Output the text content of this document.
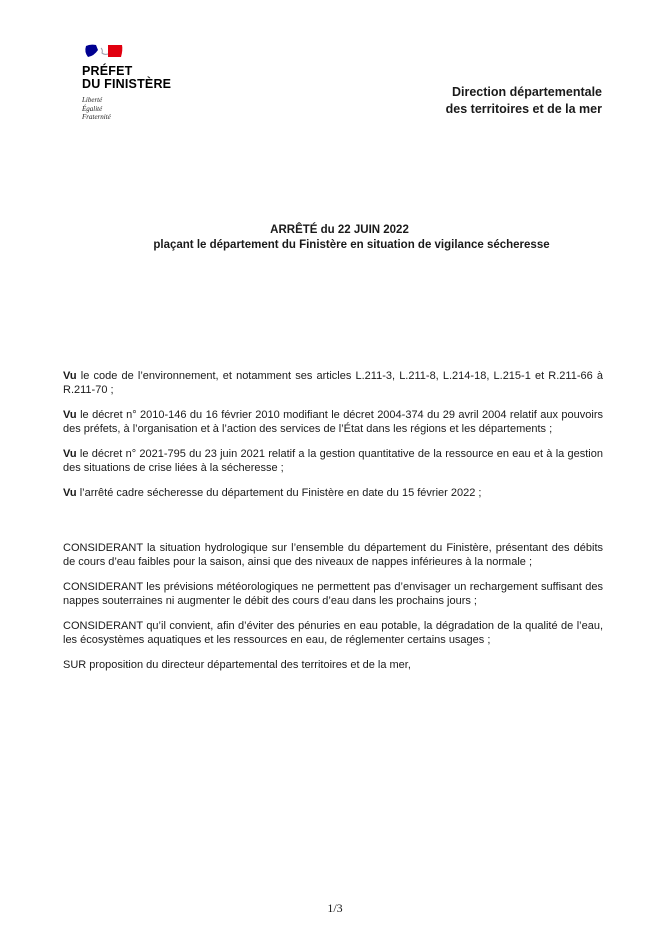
PRÉFET
DU FINISTÈRE
Liberté
Égalité
Fraternité
Direction départementale
des territoires et de la mer
ARRÊTÉ du 22 JUIN 2022
plaçant le département du Finistère en situation de vigilance sécheresse

Vu le code de l’environnement, et notamment ses articles L.211-3, L.211-8, L.214-18, L.215-1 et R.211-66 à R.211-70 ;

Vu le décret n° 2010-146 du 16 février 2010 modifiant le décret 2004-374 du 29 avril 2004 relatif aux pouvoirs des préfets, à l’organisation et à l’action des services de l’État dans les régions et les départements ;

Vu le décret n° 2021-795 du 23 juin 2021 relatif a la gestion quantitative de la ressource en eau et à la gestion des situations de crise liées à la sécheresse ;

Vu l’arrêté cadre sécheresse du département du Finistère en date du 15 février 2022 ;

CONSIDERANT la situation hydrologique sur l’ensemble du département du Finistère, présentant des débits de cours d’eau faibles pour la saison, ainsi que des niveaux de nappes inférieures à la normale ;

CONSIDERANT les prévisions météorologiques ne permettent pas d’envisager un rechargement suffisant des nappes souterraines ni augmenter le débit des cours d’eau dans les prochains jours ;

CONSIDERANT qu’il convient, afin d’éviter des pénuries en eau potable, la dégradation de la qualité de l’eau, les écosystèmes aquatiques et les ressources en eau, de réglementer certains usages ;

SUR proposition du directeur départemental des territoires et de la mer,

1/3
